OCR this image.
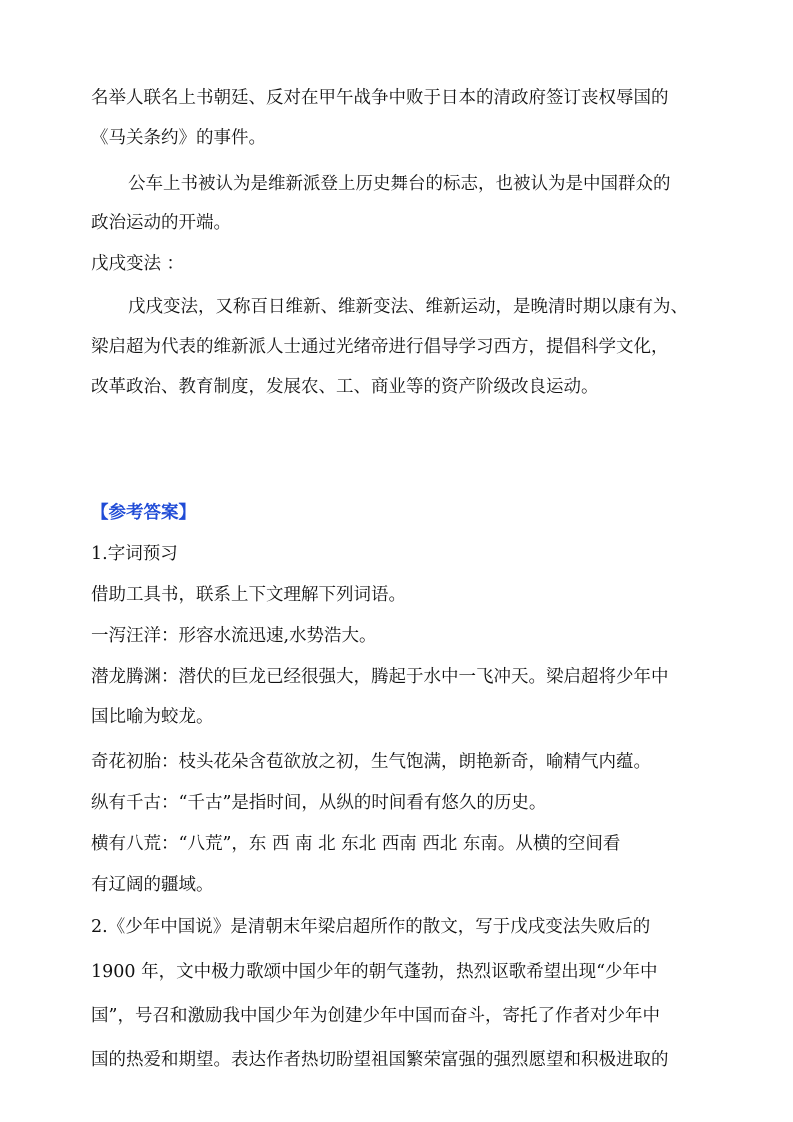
名举人联名上书朝廷、反对在甲午战争中败于日本的清政府签订丧权辱国的
《马关条约》的事件。
公车上书被认为是维新派登上历史舞台的标志，也被认为是中国群众的
政治运动的开端。
戊戌变法 ：
戊戌变法，又称百日维新、维新变法、维新运动，是晚清时期以康有为、
梁启超为代表的维新派人士通过光绪帝进行倡导学习西方，提倡科学文化，
改革政治、教育制度，发展农、工、商业等的资产阶级改良运动。
【参考答案】
1.字词预习
借助工具书，联系上下文理解下列词语。
一泻汪洋：形容水流迅速,水势浩大。
潜龙腾渊：潜伏的巨龙已经很强大，腾起于水中一飞冲天。梁启超将少年中
国比喻为蛟龙。
奇花初胎：枝头花朵含苞欲放之初，生气饱满，朗艳新奇，喻精气内蕴。
纵有千古：“千古”是指时间，从纵的时间看有悠久的历史。
横有八荒：“八荒”，东 西 南 北 东北 西南 西北 东南。从横的空间看
有辽阔的疆域。
2.《少年中国说》是清朝末年梁启超所作的散文，写于戊戌变法失败后的
1900 年，文中极力歌颂中国少年的朝气蓬勃，热烈讴歌希望出现“少年中
国”，号召和激励我中国少年为创建少年中国而奋斗，寄托了作者对少年中
国的热爱和期望。表达作者热切盼望祖国繁荣富强的强烈愿望和积极进取的
